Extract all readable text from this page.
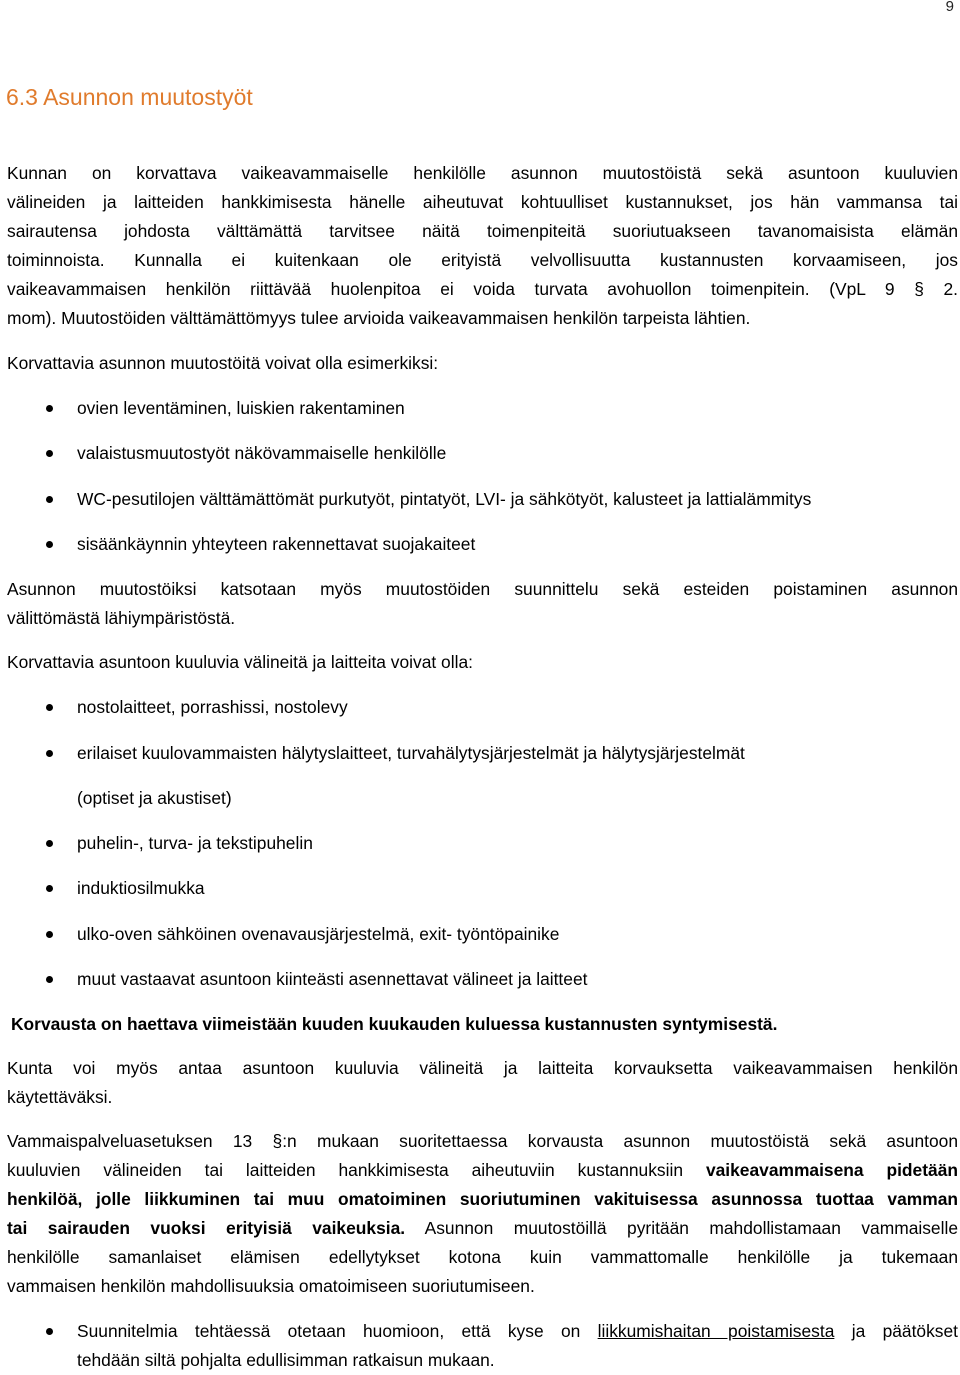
9
6.3 Asunnon muutostyöt

Kunnan on korvattava vaikeavammaiselle henkilölle asunnon muutostöistä sekä asuntoon kuuluvien

välineiden ja laitteiden hankkimisesta hänelle aiheutuvat kohtuulliset kustannukset, jos hän vammansa tai

sairautensa johdosta välttämättä tarvitsee näitä toimenpiteitä suoriutuakseen tavanomaisista elämän

toiminnoista. Kunnalla ei kuitenkaan ole erityistä velvollisuutta kustannusten korvaamiseen, jos

vaikeavammaisen henkilön riittävää huolenpitoa ei voida turvata avohuollon toimenpitein. (VpL 9 § 2.

mom). Muutostöiden välttämättömyys tulee arvioida vaikeavammaisen henkilön tarpeista lähtien.

Korvattavia asunnon muutostöitä voivat olla esimerkiksi:

ovien leventäminen, luiskien rakentaminen
valaistusmuutostyöt näkövammaiselle henkilölle
WC-pesutilojen välttämättömät purkutyöt, pintatyöt, LVI- ja sähkötyöt, kalusteet ja lattialämmitys
sisäänkäynnin yhteyteen rakennettavat suojakaiteet

Asunnon muutostöiksi katsotaan myös muutostöiden suunnittelu sekä esteiden poistaminen asunnon

välittömästä lähiympäristöstä.

Korvattavia asuntoon kuuluvia välineitä ja laitteita voivat olla:

nostolaitteet, porrashissi, nostolevy
erilaiset kuulovammaisten hälytyslaitteet, turvahälytysjärjestelmät ja hälytysjärjestelmät
(optiset ja akustiset)
puhelin-, turva- ja tekstipuhelin
induktiosilmukka
ulko-oven sähköinen ovenavausjärjestelmä, exit- työntöpainike
muut vastaavat asuntoon kiinteästi asennettavat välineet ja laitteet

Korvausta on haettava viimeistään kuuden kuukauden kuluessa kustannusten syntymisestä.

Kunta voi myös antaa asuntoon kuuluvia välineitä ja laitteita korvauksetta vaikeavammaisen henkilön

käytettäväksi.

Vammaispalveluasetuksen 13 §:n mukaan suoritettaessa korvausta asunnon muutostöistä sekä asuntoon

kuuluvien välineiden tai laitteiden hankkimisesta aiheutuviin kustannuksiin vaikeavammaisena pidetään

henkilöä, jolle liikkuminen tai muu omatoiminen suoriutuminen vakituisessa asunnossa tuottaa vamman

tai sairauden vuoksi erityisiä vaikeuksia. Asunnon muutostöillä pyritään mahdollistamaan vammaiselle

henkilölle samanlaiset elämisen edellytykset kotona kuin vammattomalle henkilölle ja tukemaan

vammaisen henkilön mahdollisuuksia omatoimiseen suoriutumiseen.

Suunnitelmia tehtäessä otetaan huomioon, että kyse on liikkumishaitan poistamisesta ja päätökset

tehdään siltä pohjalta edullisimman ratkaisun mukaan.
